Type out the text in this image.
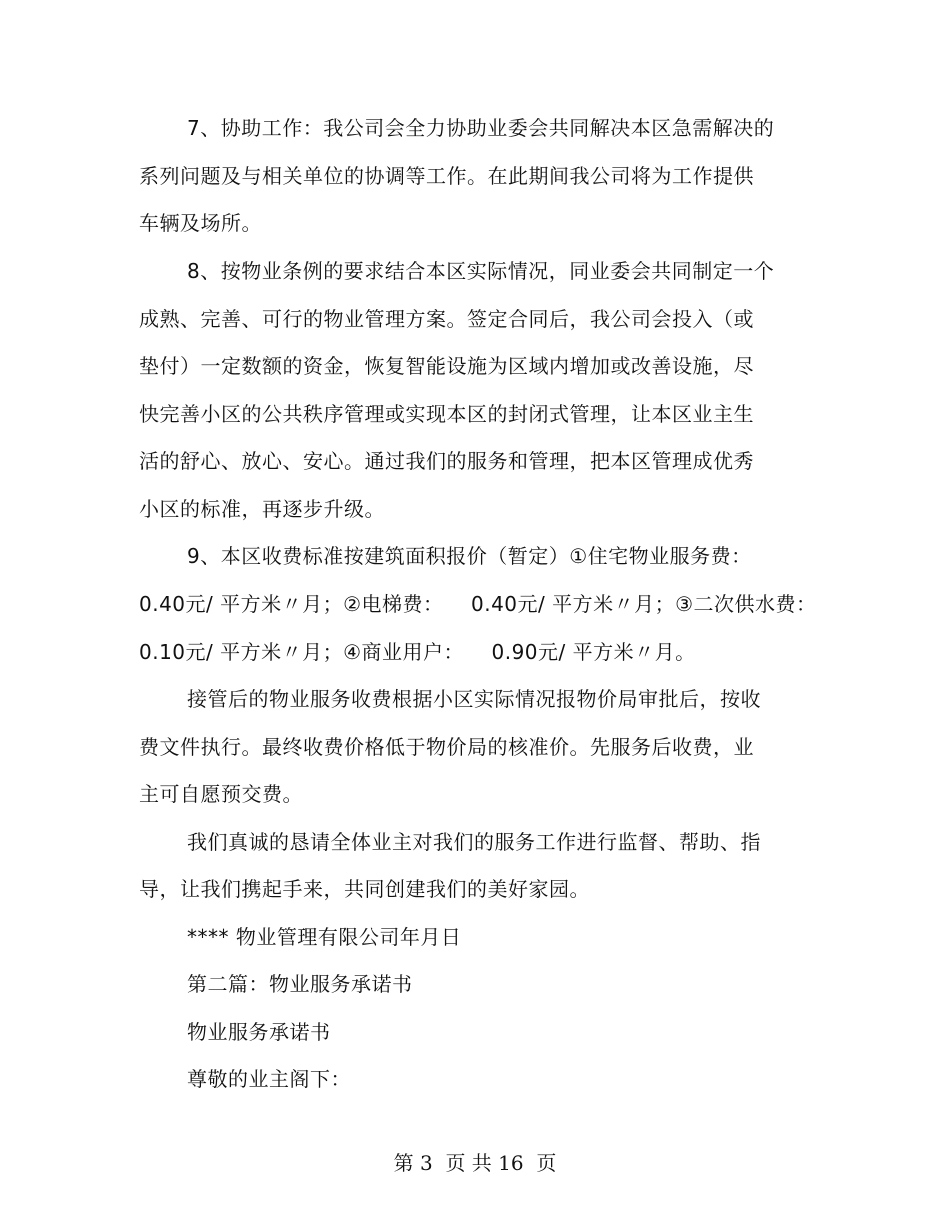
7、协助工作：我公司会全力协助业委会共同解决本区急需解决的
系列问题及与相关单位的协调等工作。在此期间我公司将为工作提供
车辆及场所。
8、按物业条例的要求结合本区实际情况，同业委会共同制定一个
成熟、完善、可行的物业管理方案。签定合同后，我公司会投入（或
垫付）一定数额的资金，恢复智能设施为区域内增加或改善设施，尽
快完善小区的公共秩序管理或实现本区的封闭式管理，让本区业主生
活的舒心、放心、安心。通过我们的服务和管理，把本区管理成优秀
小区的标准，再逐步升级。
9、本区收费标准按建筑面积报价（暂定）①住宅物业服务费：
0.40元/ 平方米〃月；②电梯费：    0.40元/ 平方米〃月；③二次供水费：
0.10元/ 平方米〃月；④商业用户：    0.90元/ 平方米〃月。
接管后的物业服务收费根据小区实际情况报物价局审批后，按收
费文件执行。最终收费价格低于物价局的核准价。先服务后收费，业
主可自愿预交费。
我们真诚的恳请全体业主对我们的服务工作进行监督、帮助、指
导，让我们携起手来，共同创建我们的美好家园。
**** 物业管理有限公司年月日
第二篇：物业服务承诺书
物业服务承诺书
尊敬的业主阁下：
第 3  页 共 16  页
